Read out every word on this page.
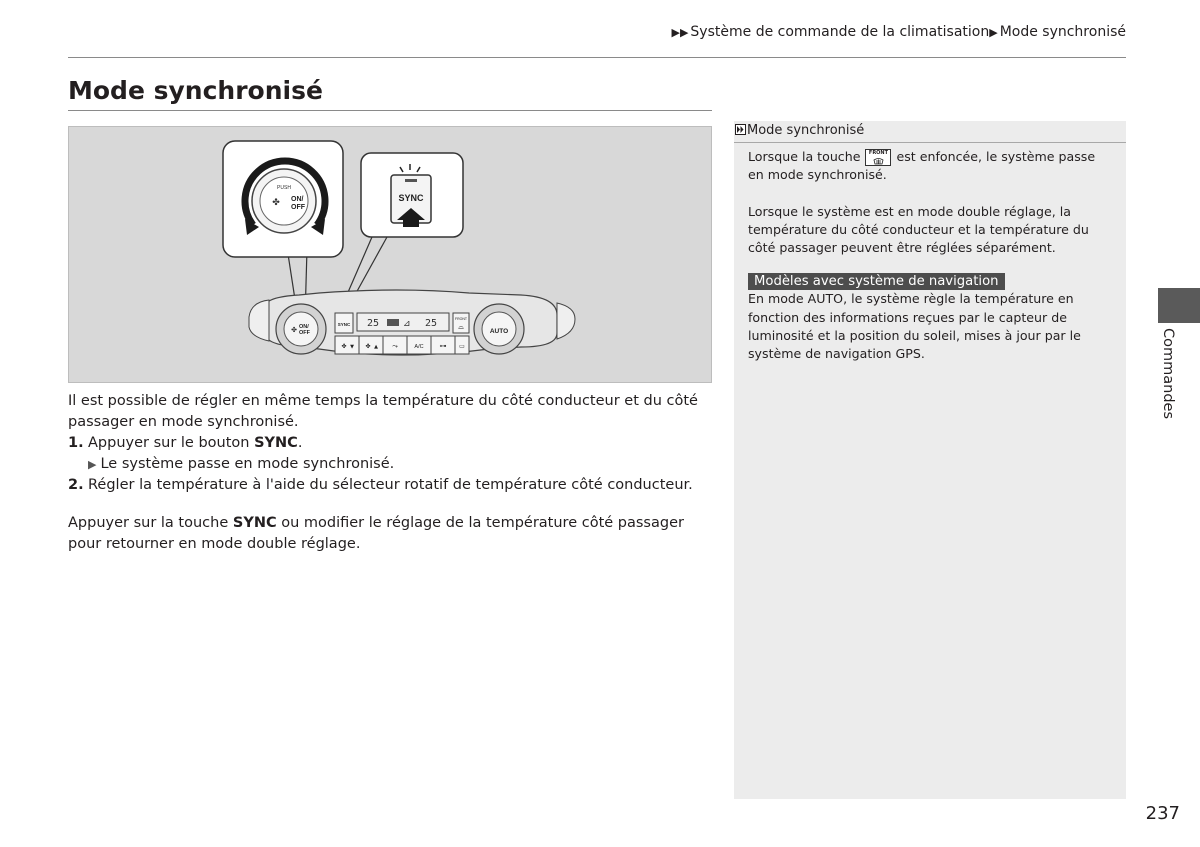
▶▶ Système de commande de la climatisation▶ Mode synchronisé
Mode synchronisé
PUSH
✤ ON/
OFF
SYNC
✤ ON/
OFF	AUTO
SYNC 25	⊿ 25	FRONT
⌓
✤ ▼ ✤ ▲ ⤳	A/C ⊶ ▭

Il est possible de régler en même temps la température du côté conducteur et du côté passager en mode synchronisé.

1. Appuyer sur le bouton SYNC.

▶ Le système passe en mode synchronisé.

2. Régler la température à l'aide du sélecteur rotatif de température côté conducteur.

Appuyer sur la touche SYNC ou modifier le réglage de la température côté passager pour retourner en mode double réglage.

Mode synchronisé

Lorsque la touche FRONT est enfoncée, le système passe en mode synchronisé.

Lorsque le système est en mode double réglage, la température du côté conducteur et la température du côté passager peuvent être réglées séparément.

Modèles avec système de navigation

En mode AUTO, le système règle la température en fonction des informations reçues par le capteur de luminosité et la position du soleil, mises à jour par le système de navigation GPS.	Commandes
237
